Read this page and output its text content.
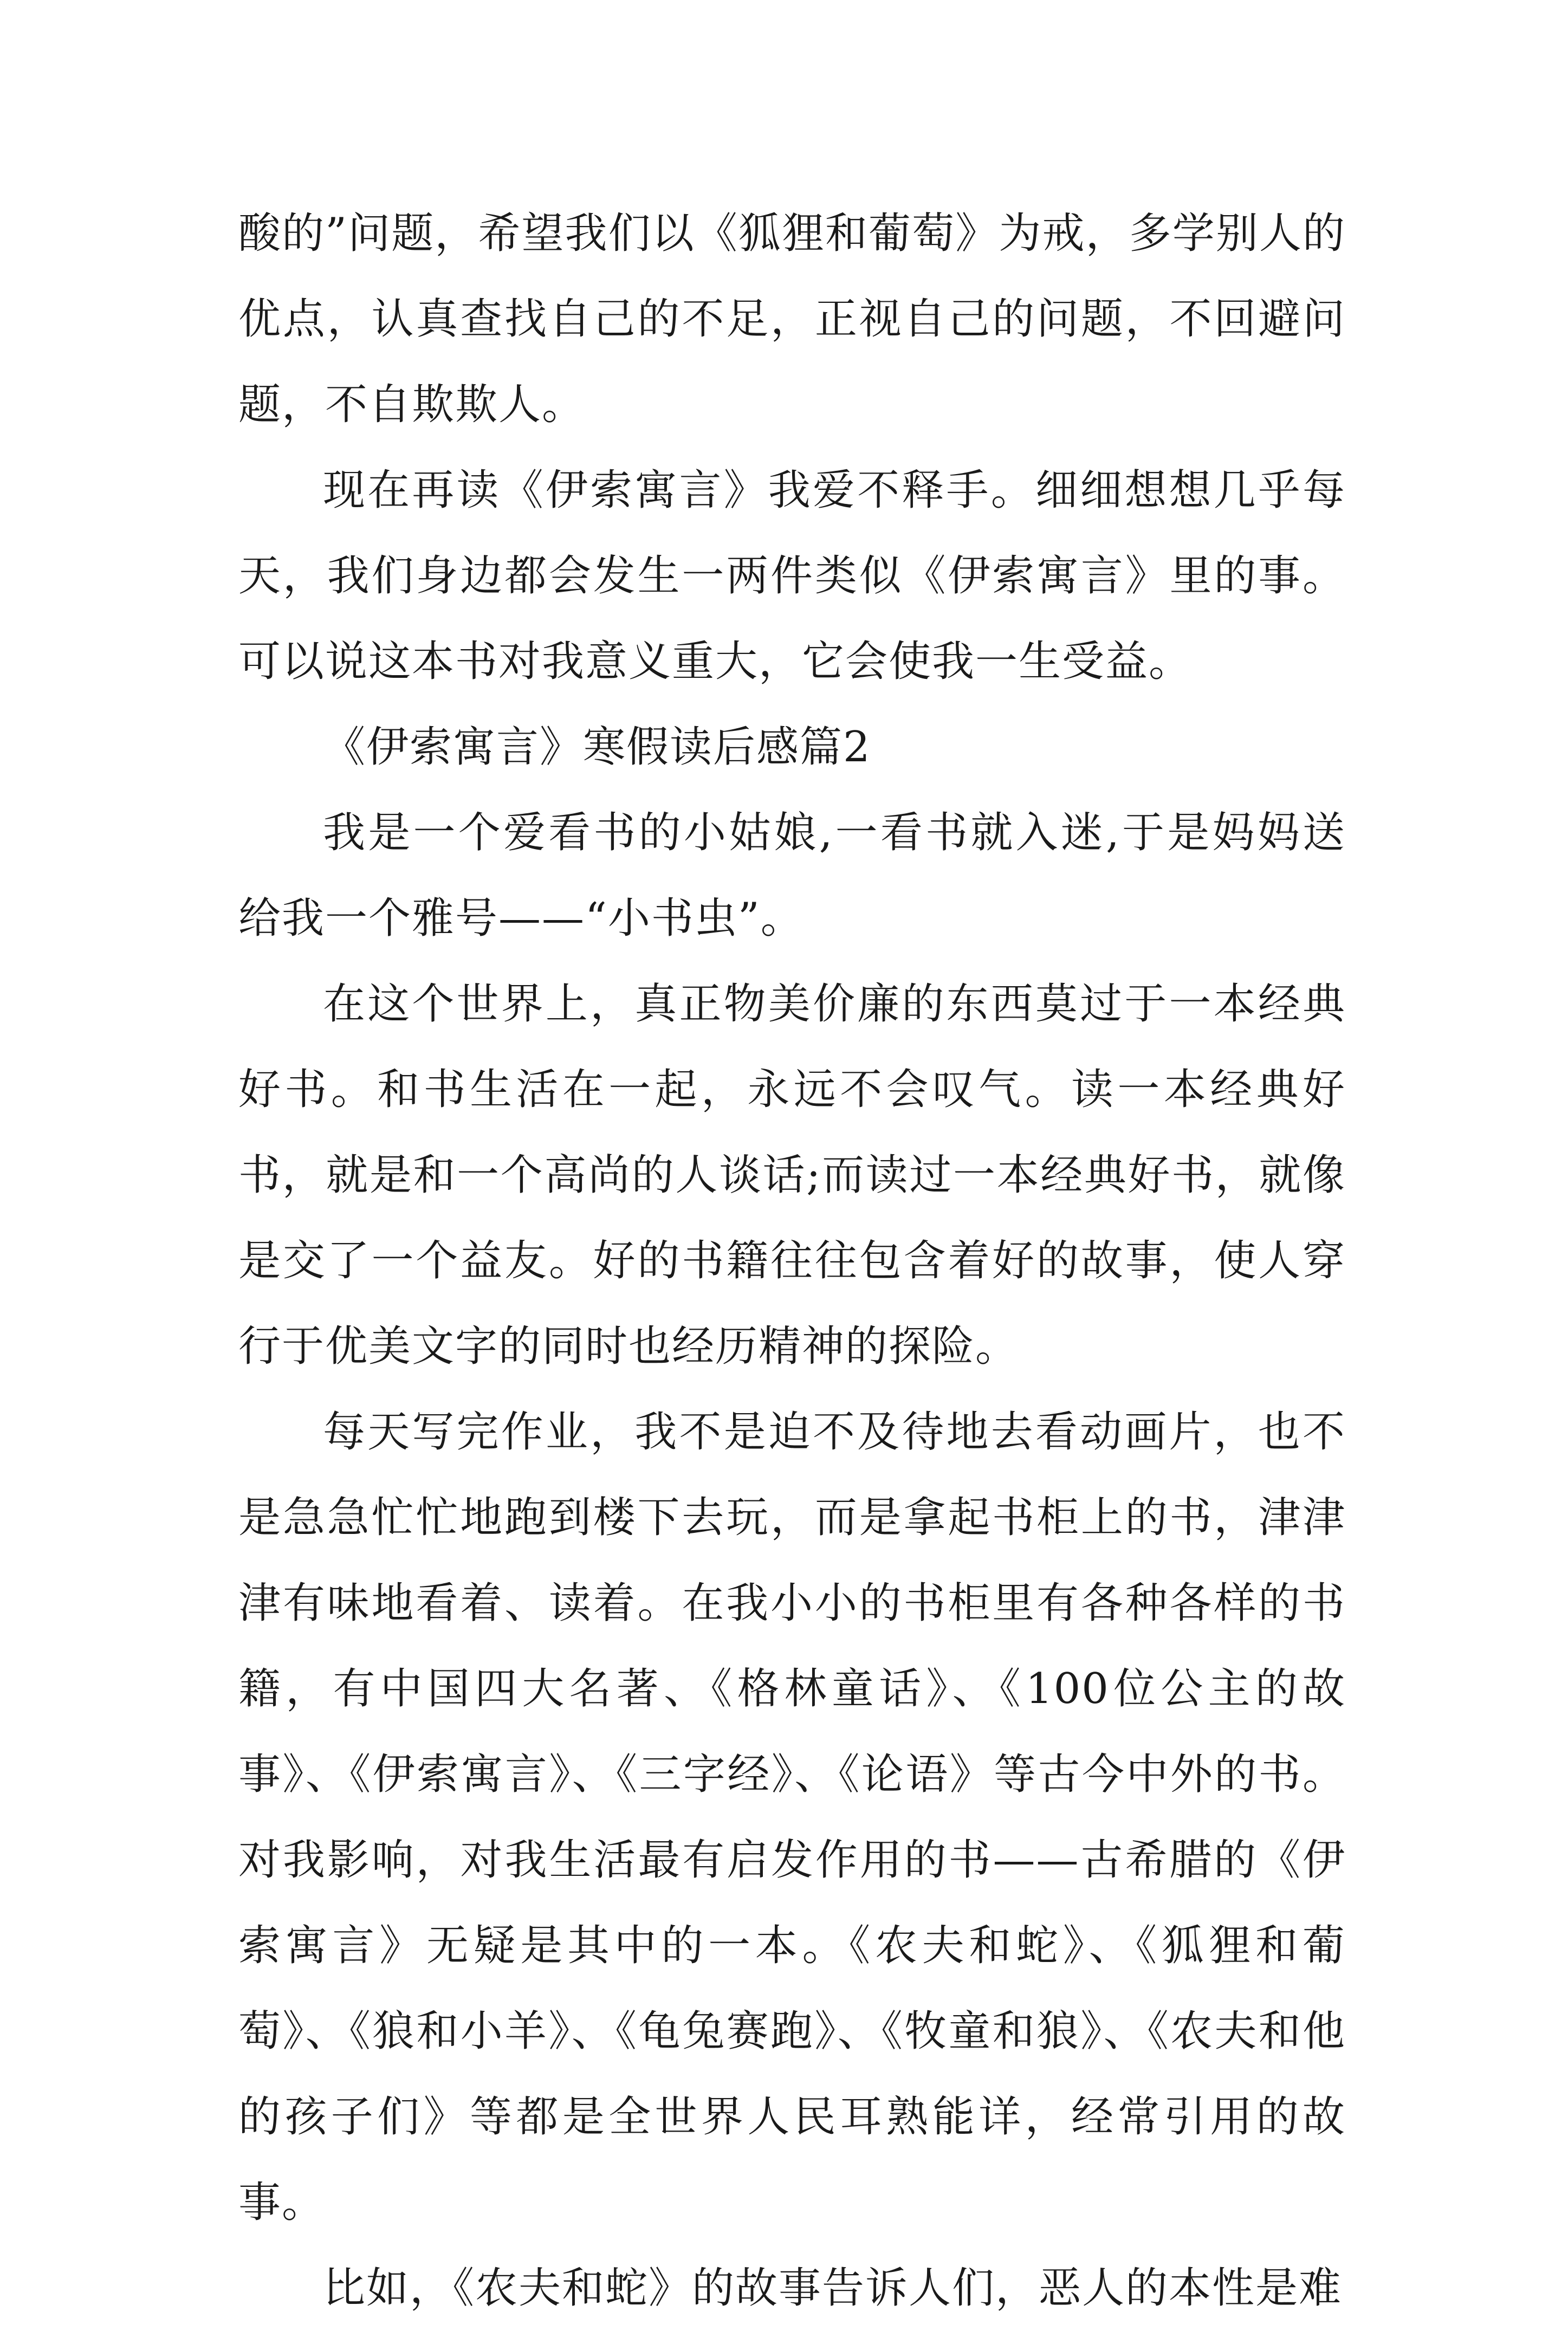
酸的”问题，希望我们以《狐狸和葡萄》为戒，多学别人的优点，认真查找自己的不足，正视自己的问题，不回避问题，不自欺欺人。

现在再读《伊索寓言》我爱不释手。细细想想几乎每天，我们身边都会发生一两件类似《伊索寓言》里的事。可以说这本书对我意义重大，它会使我一生受益。

《伊索寓言》寒假读后感篇2

我是一个爱看书的小姑娘,一看书就入迷,于是妈妈送给我一个雅号——“小书虫”。

在这个世界上，真正物美价廉的东西莫过于一本经典好书。和书生活在一起，永远不会叹气。读一本经典好书，就是和一个高尚的人谈话;而读过一本经典好书，就像是交了一个益友。好的书籍往往包含着好的故事，使人穿行于优美文字的同时也经历精神的探险。

每天写完作业，我不是迫不及待地去看动画片，也不是急急忙忙地跑到楼下去玩，而是拿起书柜上的书，津津津有味地看着、读着。在我小小的书柜里有各种各样的书籍，有中国四大名著、《格林童话》、《100位公主的故事》、《伊索寓言》、《三字经》、《论语》等古今中外的书。对我影响，对我生活最有启发作用的书——古希腊的《伊索寓言》无疑是其中的一本。《农夫和蛇》、《狐狸和葡萄》、《狼和小羊》、《龟兔赛跑》、《牧童和狼》、《农夫和他的孩子们》等都是全世界人民耳熟能详，经常引用的故事。

比如，《农夫和蛇》的故事告诉人们，恶人的本性是难
